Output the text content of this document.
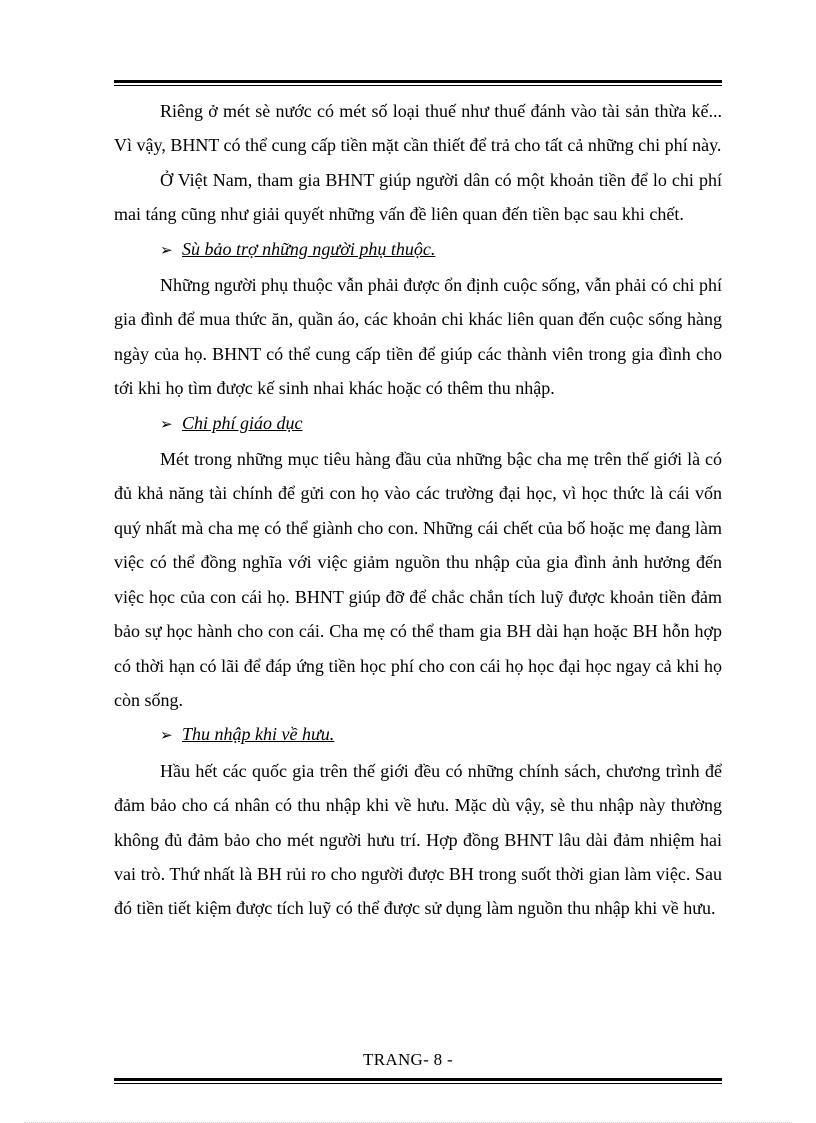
Riêng ở mét sè nước có mét số loại thuế như thuế đánh vào tài sản thừa kế... Vì vậy, BHNT có thể cung cấp tiền mặt cần thiết để trả cho tất cả những chi phí này.

Ở Việt Nam, tham gia BHNT giúp người dân có một khoản tiền để lo chi phí mai táng cũng như giải quyết những vấn đề liên quan đến tiền bạc sau khi chết.

➢ Sù bảo trợ những người phụ thuộc.

Những người phụ thuộc vẫn phải được ổn định cuộc sống, vẫn phải có chi phí gia đình để mua thức ăn, quần áo, các khoản chi khác liên quan đến cuộc sống hàng ngày của họ. BHNT có thể cung cấp tiền để giúp các thành viên trong gia đình cho tới khi họ tìm được kế sinh nhai khác hoặc có thêm thu nhập.

➢ Chi phí giáo dục

Mét trong những mục tiêu hàng đầu của những bậc cha mẹ trên thế giới là có đủ khả năng tài chính để gửi con họ vào các trường đại học, vì học thức là cái vốn quý nhất mà cha mẹ có thể giành cho con. Những cái chết của bố hoặc mẹ đang làm việc có thể đồng nghĩa với việc giảm nguồn thu nhập của gia đình ảnh hưởng đến việc học của con cái họ. BHNT giúp đỡ để chắc chắn tích luỹ được khoản tiền đảm bảo sự học hành cho con cái. Cha mẹ có thể tham gia BH dài hạn hoặc BH hỗn hợp có thời hạn có lãi để đáp ứng tiền học phí cho con cái họ học đại học ngay cả khi họ còn sống.

➢ Thu nhập khi về hưu.

Hầu hết các quốc gia trên thế giới đều có những chính sách, chương trình để đảm bảo cho cá nhân có thu nhập khi về hưu. Mặc dù vậy, sè thu nhập này thường không đủ đảm bảo cho mét người hưu trí. Hợp đồng BHNT lâu dài đảm nhiệm hai vai trò. Thứ nhất là BH rủi ro cho người được BH trong suốt thời gian làm việc. Sau đó tiền tiết kiệm được tích luỹ có thể được sử dụng làm nguồn thu nhập khi về hưu.

TRANG- 8 -
